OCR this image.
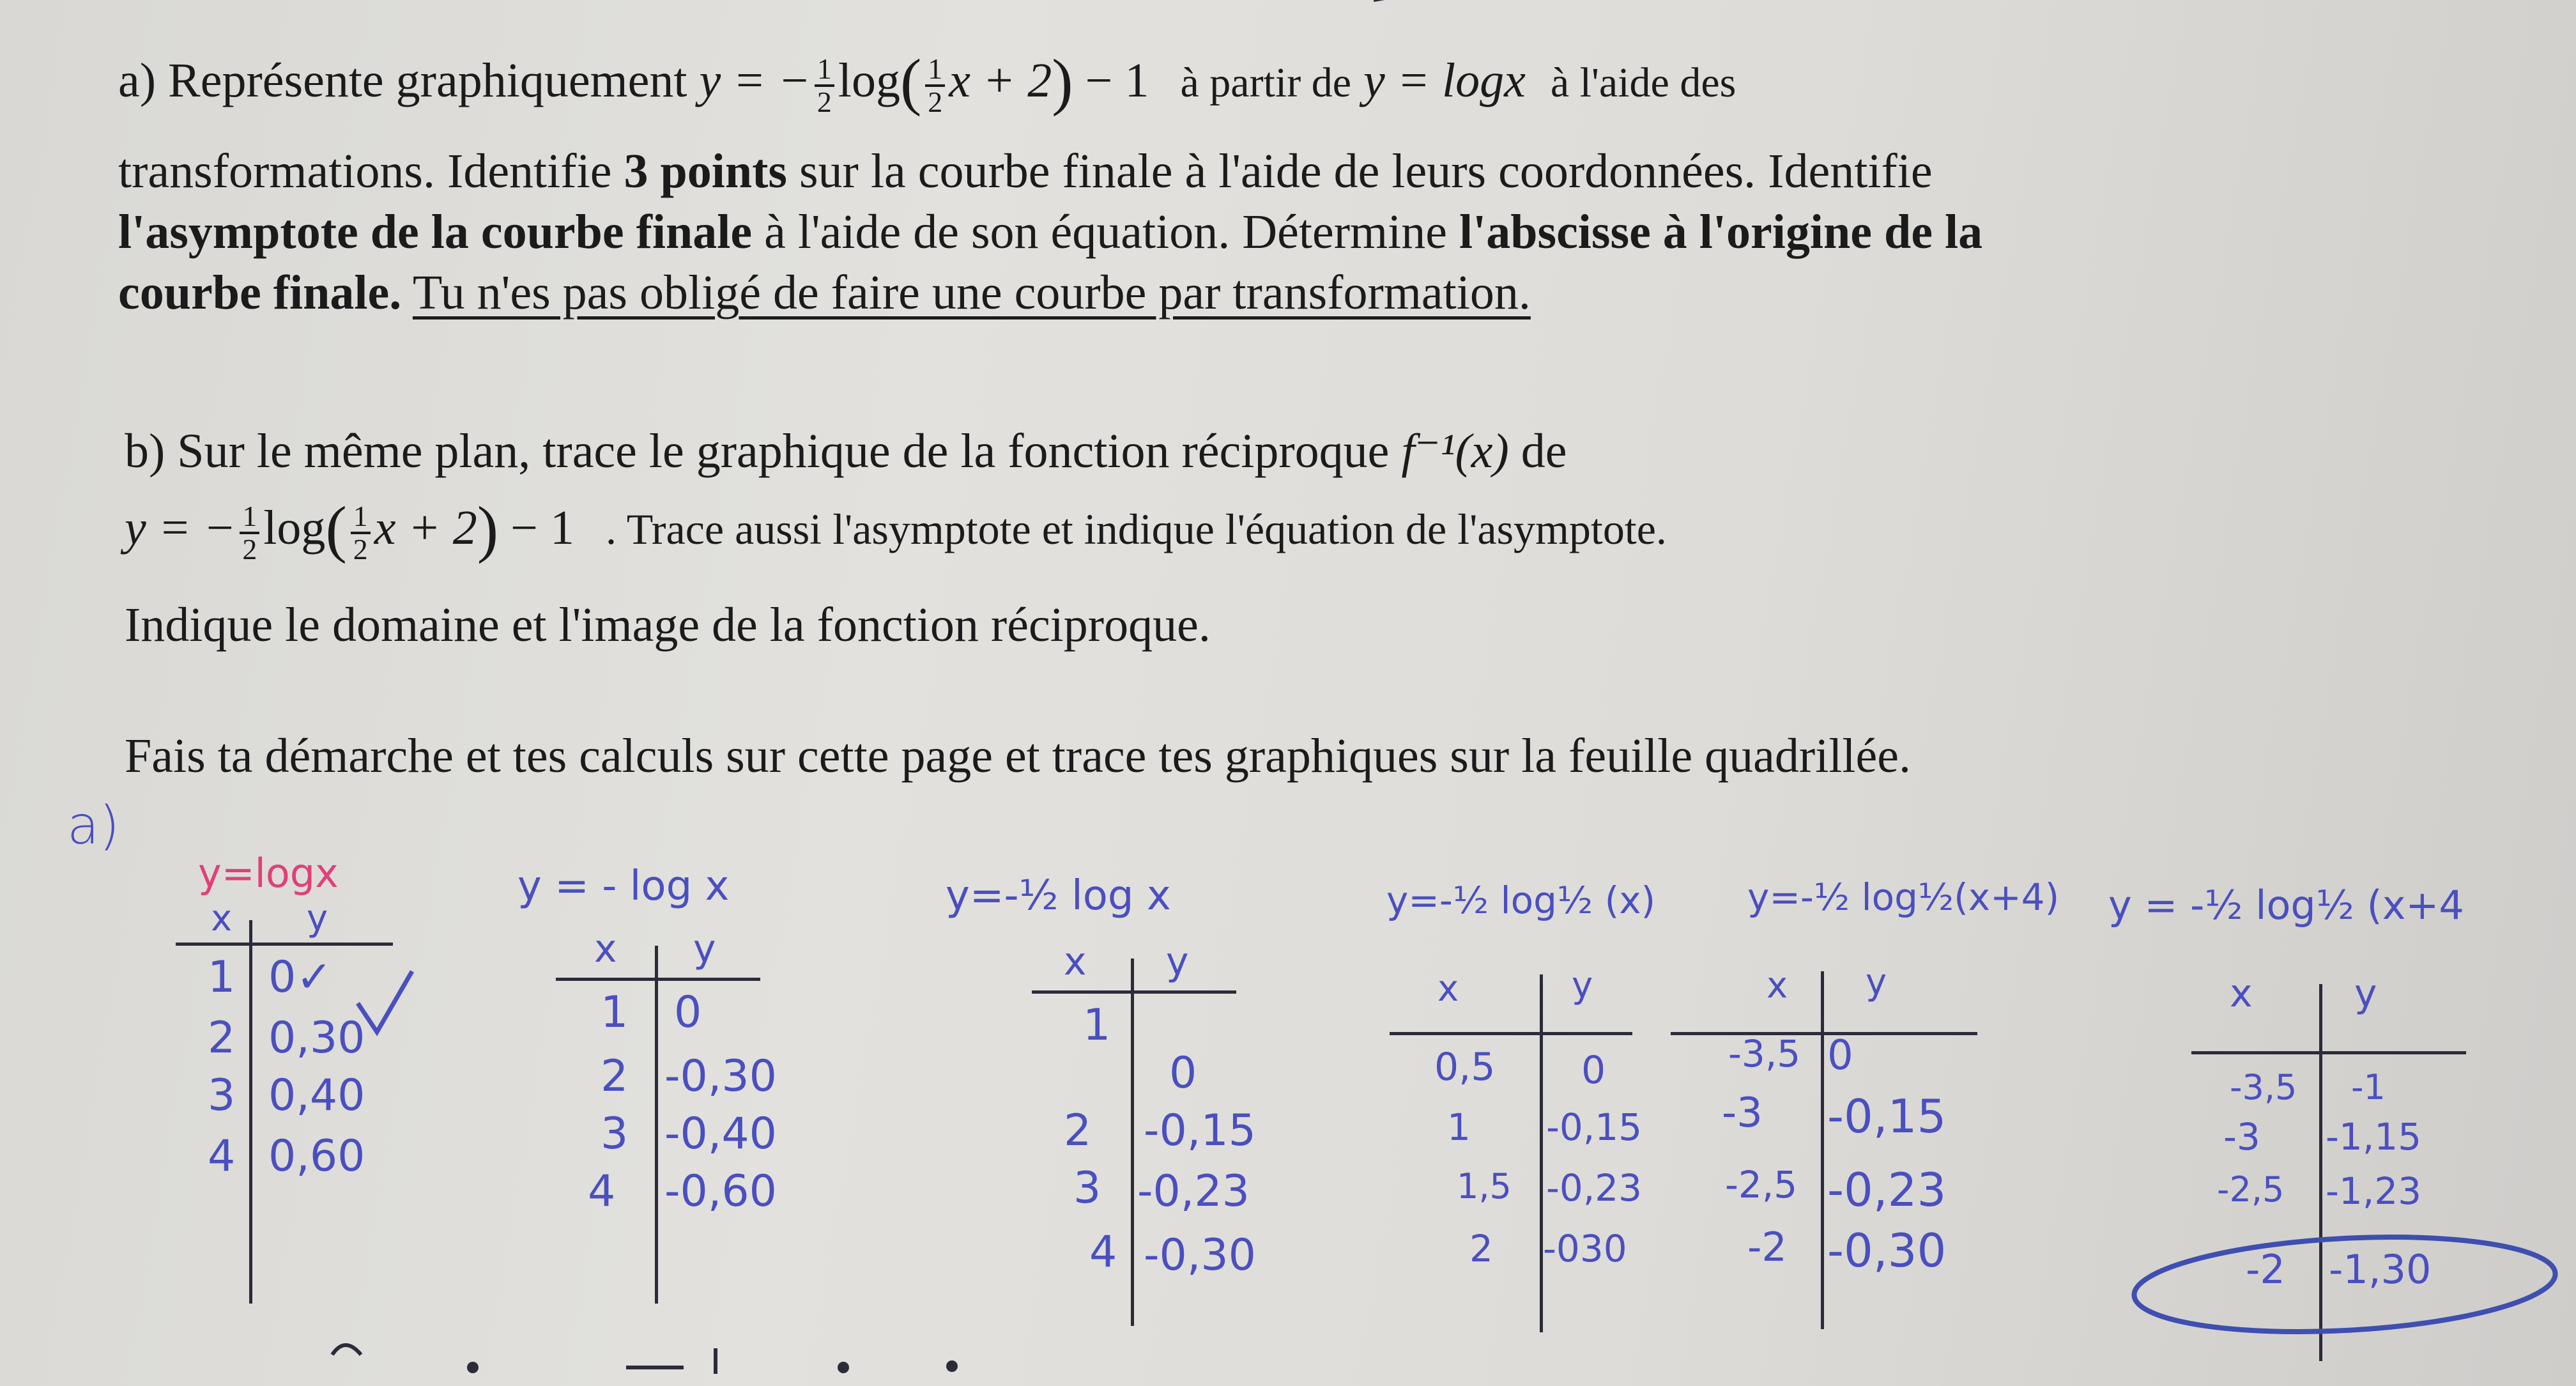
a) Représente graphiquement y = − $\frac{1}{2} \log( \frac{1}{2}$ x + 2) − 1 à partir de y = logx à l'aide des
transformations. Identifie 3 points sur la courbe finale à l'aide de leurs coordonnées. Identifie
l'asymptote de la courbe finale à l'aide de son équation. Détermine l'abscisse à l'origine de la
courbe finale. Tu n'es pas obligé de faire une courbe par transformation.
b) Sur le même plan, trace le graphique de la fonction réciproque f⁻¹(x) de
y = − $\frac{1}{2} \log( \frac{1}{2}$ x + 2) − 1 . Trace aussi l'asymptote et indique l'équation de l'asymptote.
Indique le domaine et l'image de la fonction réciproque.
Fais ta démarche et tes calculs sur cette page et trace tes graphiques sur la feuille quadrillée.
a)
y=logx
x y
1 0✓
2 0,30
3 0,40
4 0,60
y = - log x
x y
1 0
2 -0,30
3 -0,40
4 -0,60
y=-½ log x
x y
1
0
2 -0,15
3 -0,23
4 -0,30
y=-½ log½ (x)
x	y
0,5 0
1 -0,15
1,5 -0,23
2 -030
y=-½ log½(x+4)
x y
-3,5 0
-3 -0,15
-2,5 -0,23
-2 -0,30
y = -½ log½ (x+4
x	y
-3,5 -1
-3 -1,15
-2,5 -1,23
-2 -1,30
